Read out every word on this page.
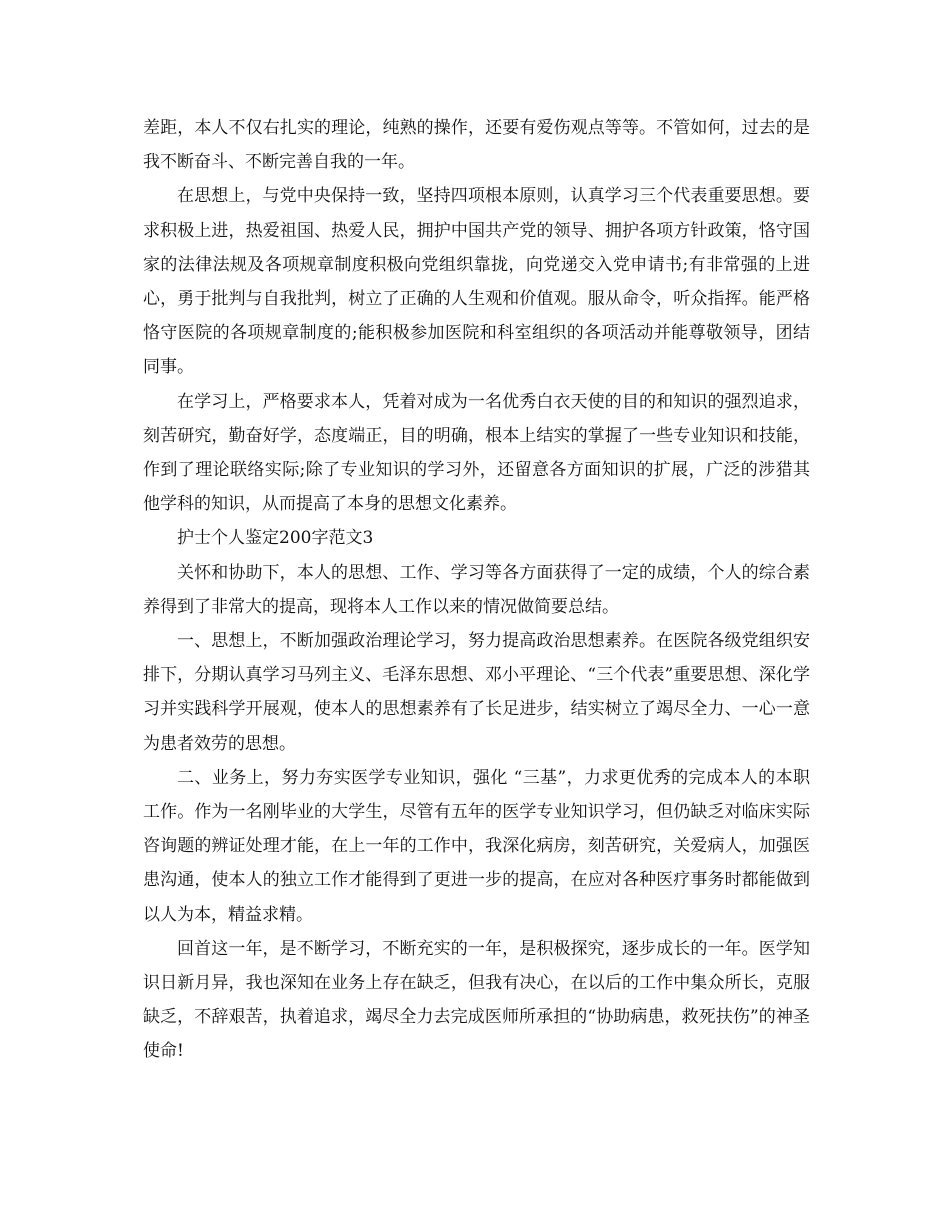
差距，本人不仅右扎实的理论，纯熟的操作，还要有爱伤观点等等。不管如何，过去的是我不断奋斗、不断完善自我的一年。

在思想上，与党中央保持一致，坚持四项根本原则，认真学习三个代表重要思想。要求积极上进，热爱祖国、热爱人民，拥护中国共产党的领导、拥护各项方针政策，恪守国家的法律法规及各项规章制度积极向党组织靠拢，向党递交入党申请书;有非常强的上进心，勇于批判与自我批判，树立了正确的人生观和价值观。服从命令，听众指挥。能严格恪守医院的各项规章制度的;能积极参加医院和科室组织的各项活动并能尊敬领导，团结同事。

在学习上，严格要求本人，凭着对成为一名优秀白衣天使的目的和知识的强烈追求，刻苦研究，勤奋好学，态度端正，目的明确，根本上结实的掌握了一些专业知识和技能，作到了理论联络实际;除了专业知识的学习外，还留意各方面知识的扩展，广泛的涉猎其他学科的知识，从而提高了本身的思想文化素养。

护士个人鉴定200字范文3

关怀和协助下，本人的思想、工作、学习等各方面获得了一定的成绩，个人的综合素养得到了非常大的提高，现将本人工作以来的情况做简要总结。

一、思想上，不断加强政治理论学习，努力提高政治思想素养。在医院各级党组织安排下，分期认真学习马列主义、毛泽东思想、邓小平理论、“三个代表”重要思想、深化学习并实践科学开展观，使本人的思想素养有了长足进步，结实树立了竭尽全力、一心一意为患者效劳的思想。

二、业务上，努力夯实医学专业知识，强化 “三基”，力求更优秀的完成本人的本职工作。作为一名刚毕业的大学生，尽管有五年的医学专业知识学习，但仍缺乏对临床实际咨询题的辨证处理才能，在上一年的工作中，我深化病房，刻苦研究，关爱病人，加强医患沟通，使本人的独立工作才能得到了更进一步的提高，在应对各种医疗事务时都能做到以人为本，精益求精。

回首这一年，是不断学习，不断充实的一年，是积极探究，逐步成长的一年。医学知识日新月异，我也深知在业务上存在缺乏，但我有决心，在以后的工作中集众所长，克服缺乏，不辞艰苦，执着追求，竭尽全力去完成医师所承担的“协助病患，救死扶伤”的神圣使命!
